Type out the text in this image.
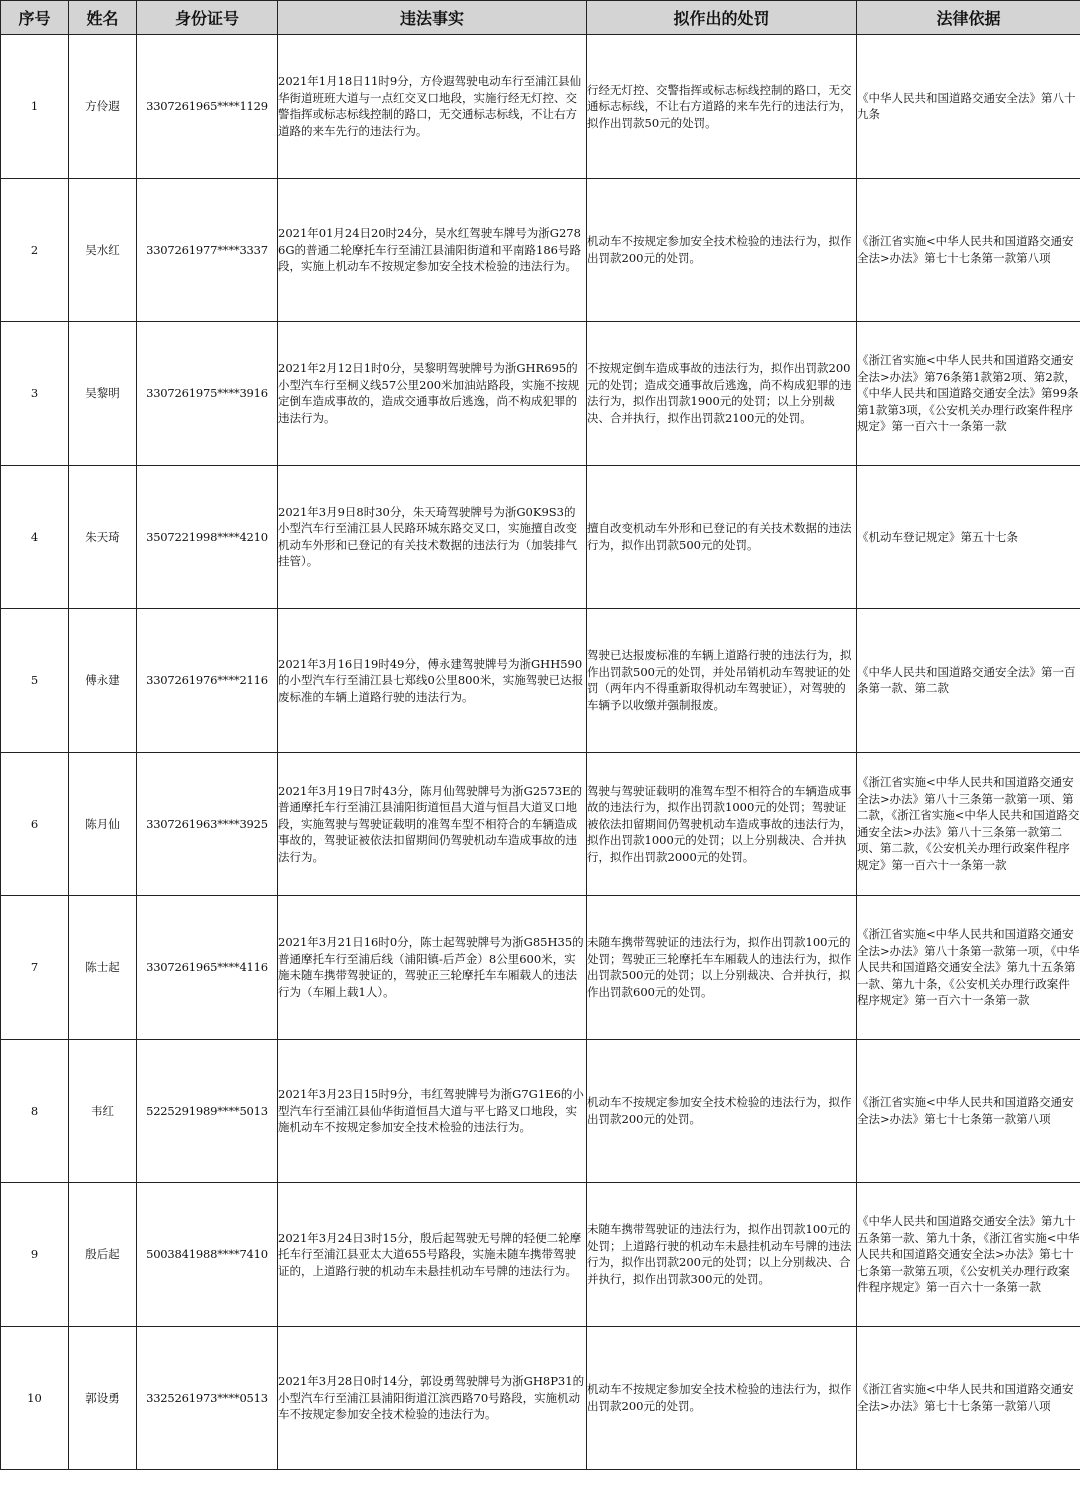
序号	姓名	身份证号	违法事实	拟作出的处罚	法律依据
1	方伶遐	3307261965****1129	2021年1月18日11时9分，方伶遐驾驶电动车行至浦江县仙华街道班班大道与一点红交叉口地段，实施行经无灯控、交警指挥或标志标线控制的路口，无交通标志标线，不让右方道路的来车先行的违法行为。	行经无灯控、交警指挥或标志标线控制的路口，无交通标志标线，不让右方道路的来车先行的违法行为，拟作出罚款50元的处罚。	《中华人民共和国道路交通安全法》第八十九条
2	吴水红	3307261977****3337	2021年01月24日20时24分，吴水红驾驶车牌号为浙G2786G的普通二轮摩托车行至浦江县浦阳街道和平南路186号路段，实施上机动车不按规定参加安全技术检验的违法行为。	机动车不按规定参加安全技术检验的违法行为，拟作出罚款200元的处罚。	《浙江省实施<中华人民共和国道路交通安全法>办法》第七十七条第一款第八项
3	吴黎明	3307261975****3916	2021年2月12日1时0分，吴黎明驾驶牌号为浙GHR695的小型汽车行至桐义线57公里200米加油站路段，实施不按规定倒车造成事故的，造成交通事故后逃逸，尚不构成犯罪的违法行为。	不按规定倒车造成事故的违法行为，拟作出罚款200元的处罚；造成交通事故后逃逸，尚不构成犯罪的违法行为，拟作出罚款1900元的处罚；以上分别裁决、合并执行，拟作出罚款2100元的处罚。	《浙江省实施<中华人民共和国道路交通安全法>办法》第76条第1款第2项、第2款，《中华人民共和国道路交通安全法》第99条第1款第3项，《公安机关办理行政案件程序规定》第一百六十一条第一款
4	朱天琦	3507221998****4210	2021年3月9日8时30分，朱天琦驾驶牌号为浙G0K9S3的小型汽车行至浦江县人民路环城东路交叉口，实施擅自改变机动车外形和已登记的有关技术数据的违法行为（加装排气挂管）。	擅自改变机动车外形和已登记的有关技术数据的违法行为，拟作出罚款500元的处罚。	《机动车登记规定》第五十七条
5	傅永建	3307261976****2116	2021年3月16日19时49分，傅永建驾驶牌号为浙GHH590的小型汽车行至浦江县七郑线0公里800米，实施驾驶已达报废标准的车辆上道路行驶的违法行为。	驾驶已达报废标准的车辆上道路行驶的违法行为，拟作出罚款500元的处罚，并处吊销机动车驾驶证的处罚（两年内不得重新取得机动车驾驶证），对驾驶的车辆予以收缴并强制报废。	《中华人民共和国道路交通安全法》第一百条第一款、第二款
6	陈月仙	3307261963****3925	2021年3月19日7时43分，陈月仙驾驶牌号为浙G2573E的普通摩托车行至浦江县浦阳街道恒昌大道与恒昌大道叉口地段，实施驾驶与驾驶证载明的准驾车型不相符合的车辆造成事故的，驾驶证被依法扣留期间仍驾驶机动车造成事故的违法行为。	驾驶与驾驶证载明的准驾车型不相符合的车辆造成事故的违法行为，拟作出罚款1000元的处罚；驾驶证被依法扣留期间仍驾驶机动车造成事故的违法行为，拟作出罚款1000元的处罚；以上分别裁决、合并执行，拟作出罚款2000元的处罚。	《浙江省实施<中华人民共和国道路交通安全法>办法》第八十三条第一款第一项、第二款，《浙江省实施<中华人民共和国道路交通安全法>办法》第八十三条第一款第二项、第二款，《公安机关办理行政案件程序规定》第一百六十一条第一款
7	陈士起	3307261965****4116	2021年3月21日16时0分，陈士起驾驶牌号为浙G85H35的普通摩托车行至浦后线（浦阳镇-后芦金）8公里600米，实施未随车携带驾驶证的，驾驶正三轮摩托车车厢载人的违法行为（车厢上载1人）。	未随车携带驾驶证的违法行为，拟作出罚款100元的处罚；驾驶正三轮摩托车车厢载人的违法行为，拟作出罚款500元的处罚；以上分别裁决、合并执行，拟作出罚款600元的处罚。	《浙江省实施<中华人民共和国道路交通安全法>办法》第八十条第一款第一项，《中华人民共和国道路交通安全法》第九十五条第一款、第九十条，《公安机关办理行政案件程序规定》第一百六十一条第一款
8	韦红	5225291989****5013	2021年3月23日15时9分，韦红驾驶牌号为浙G7G1E6的小型汽车行至浦江县仙华街道恒昌大道与平七路叉口地段，实施机动车不按规定参加安全技术检验的违法行为。	机动车不按规定参加安全技术检验的违法行为，拟作出罚款200元的处罚。	《浙江省实施<中华人民共和国道路交通安全法>办法》第七十七条第一款第八项
9	殷后起	5003841988****7410	2021年3月24日3时15分，殷后起驾驶无号牌的轻便二轮摩托车行至浦江县亚太大道655号路段，实施未随车携带驾驶证的，上道路行驶的机动车未悬挂机动车号牌的违法行为。	未随车携带驾驶证的违法行为，拟作出罚款100元的处罚；上道路行驶的机动车未悬挂机动车号牌的违法行为，拟作出罚款200元的处罚；以上分别裁决、合并执行，拟作出罚款300元的处罚。	《中华人民共和国道路交通安全法》第九十五条第一款、第九十条，《浙江省实施<中华人民共和国道路交通安全法>办法》第七十七条第一款第五项，《公安机关办理行政案件程序规定》第一百六十一条第一款
10	郭设勇	3325261973****0513	2021年3月28日0时14分，郭设勇驾驶牌号为浙GH8P31的小型汽车行至浦江县浦阳街道江滨西路70号路段，实施机动车不按规定参加安全技术检验的违法行为。	机动车不按规定参加安全技术检验的违法行为，拟作出罚款200元的处罚。	《浙江省实施<中华人民共和国道路交通安全法>办法》第七十七条第一款第八项
